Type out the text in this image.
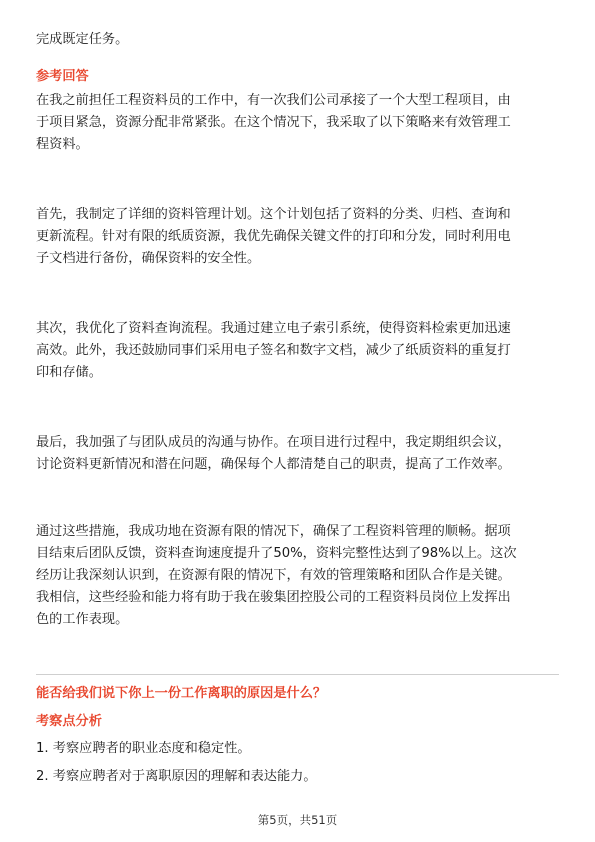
完成既定任务。
参考回答
在我之前担任工程资料员的工作中，有一次我们公司承接了一个大型工程项目，由
于项目紧急，资源分配非常紧张。在这个情况下，我采取了以下策略来有效管理工
程资料。
首先，我制定了详细的资料管理计划。这个计划包括了资料的分类、归档、查询和
更新流程。针对有限的纸质资源，我优先确保关键文件的打印和分发，同时利用电
子文档进行备份，确保资料的安全性。
其次，我优化了资料查询流程。我通过建立电子索引系统，使得资料检索更加迅速
高效。此外，我还鼓励同事们采用电子签名和数字文档，减少了纸质资料的重复打
印和存储。
最后，我加强了与团队成员的沟通与协作。在项目进行过程中，我定期组织会议，
讨论资料更新情况和潜在问题，确保每个人都清楚自己的职责，提高了工作效率。
通过这些措施，我成功地在资源有限的情况下，确保了工程资料管理的顺畅。据项
目结束后团队反馈，资料查询速度提升了50%，资料完整性达到了98%以上。这次
经历让我深刻认识到，在资源有限的情况下，有效的管理策略和团队合作是关键。
我相信，这些经验和能力将有助于我在骏集团控股公司的工程资料员岗位上发挥出
色的工作表现。
能否给我们说下你上一份工作离职的原因是什么？
考察点分析
1. 考察应聘者的职业态度和稳定性。
2. 考察应聘者对于离职原因的理解和表达能力。
第5页，共51页
